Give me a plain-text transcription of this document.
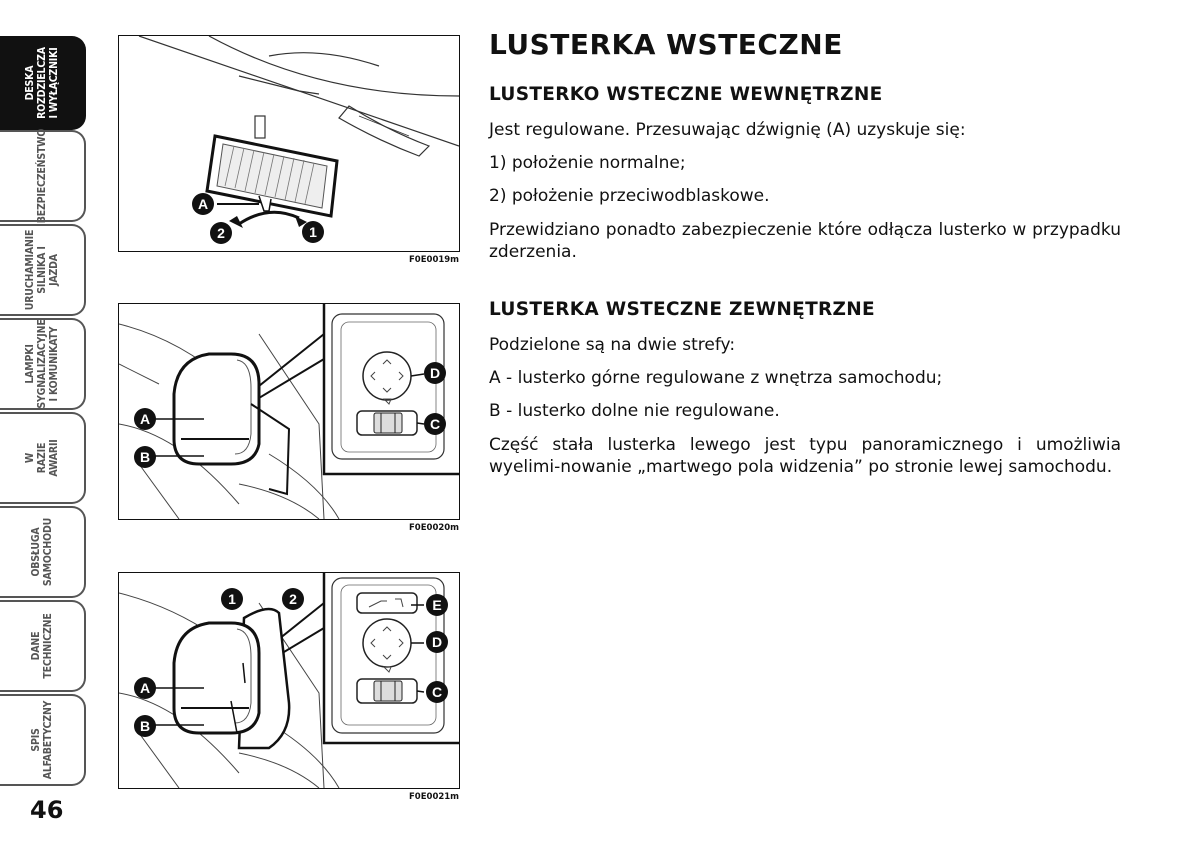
DESKA
ROZDZIELCZA
I WYŁĄCZNIKI
BEZPIECZEŃSTWO
URUCHAMIANIE
SILNIKA I JAZDA
LAMPKI
SYGNALIZACYJNE
I KOMUNIKATY
W RAZIE AWARII
OBSŁUGA
SAMOCHODU
DANE
TECHNICZNE
SPIS
ALFABETYCZNY
46
A
2	1
F0E0019m
A
B
D
C
F0E0020m
1	2
A
B
E
D
C
F0E0021m
LUSTERKA WSTECZNE
LUSTERKO WSTECZNE WEWNĘTRZNE

Jest regulowane. Przesuwając dźwignię (A) uzyskuje się:

1) położenie normalne;

2) położenie przeciwodblaskowe.

Przewidziano ponadto zabezpieczenie które odłącza lusterko w przypadku zderzenia.

LUSTERKA WSTECZNE ZEWNĘTRZNE

Podzielone są na dwie strefy:

A - lusterko górne regulowane z wnętrza samochodu;

B - lusterko dolne nie regulowane.

Część stała lusterka lewego jest typu panoramicznego i umożliwia wyelimi-nowanie „martwego pola widzenia” po stronie lewej samochodu.
